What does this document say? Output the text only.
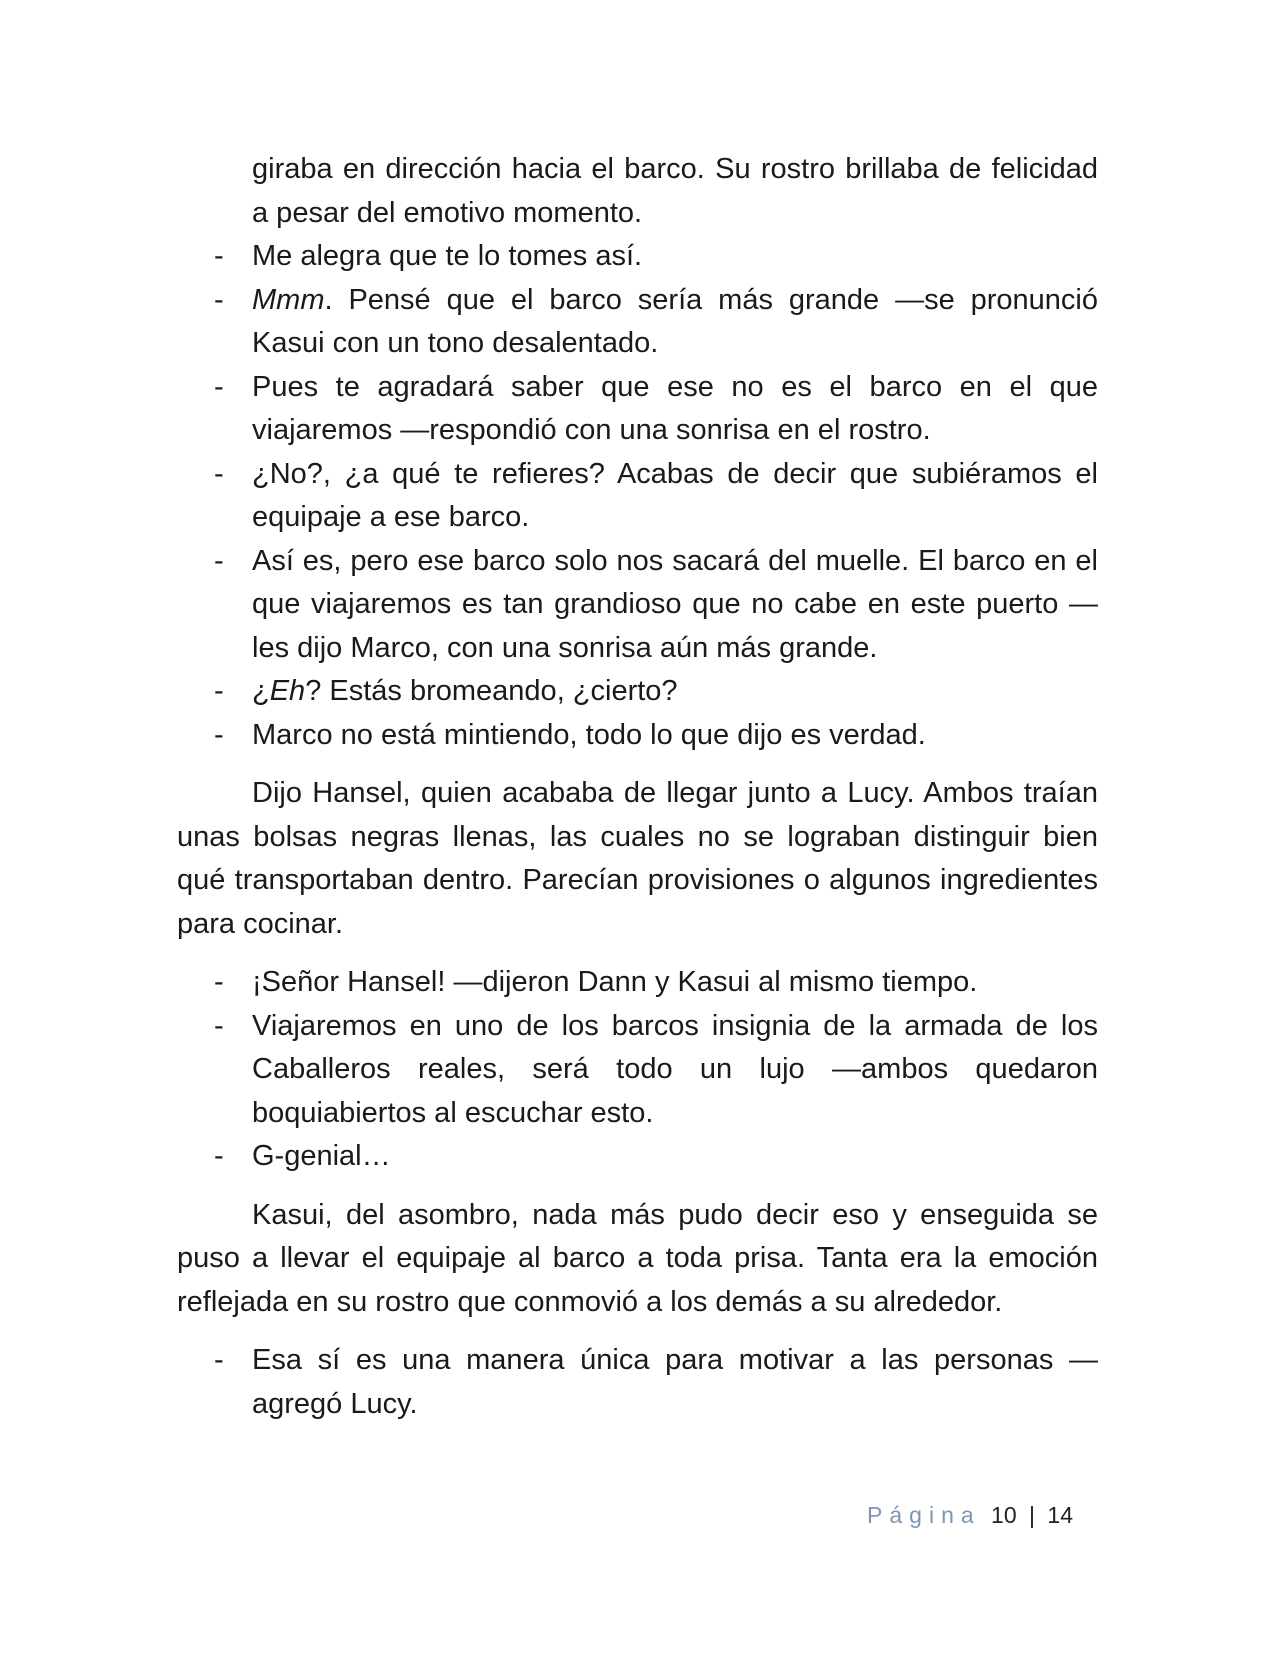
giraba en dirección hacia el barco. Su rostro brillaba de felicidad a pesar del emotivo momento.

- Me alegra que te lo tomes así.
- Mmm. Pensé que el barco sería más grande —se pronunció Kasui con un tono desalentado.
- Pues te agradará saber que ese no es el barco en el que viajaremos —respondió con una sonrisa en el rostro.
- ¿No?, ¿a qué te refieres? Acabas de decir que subiéramos el equipaje a ese barco.
- Así es, pero ese barco solo nos sacará del muelle. El barco en el que viajaremos es tan grandioso que no cabe en este puerto —les dijo Marco, con una sonrisa aún más grande.
- ¿Eh? Estás bromeando, ¿cierto?
- Marco no está mintiendo, todo lo que dijo es verdad.

Dijo Hansel, quien acababa de llegar junto a Lucy. Ambos traían unas bolsas negras llenas, las cuales no se lograban distinguir bien qué transportaban dentro. Parecían provisiones o algunos ingredientes para cocinar.

- ¡Señor Hansel! —dijeron Dann y Kasui al mismo tiempo.
- Viajaremos en uno de los barcos insignia de la armada de los Caballeros reales, será todo un lujo —ambos quedaron boquiabiertos al escuchar esto.
- G-genial…

Kasui, del asombro, nada más pudo decir eso y enseguida se puso a llevar el equipaje al barco a toda prisa. Tanta era la emoción reflejada en su rostro que conmovió a los demás a su alrededor.

- Esa sí es una manera única para motivar a las personas —agregó Lucy.
Página 10 | 14
